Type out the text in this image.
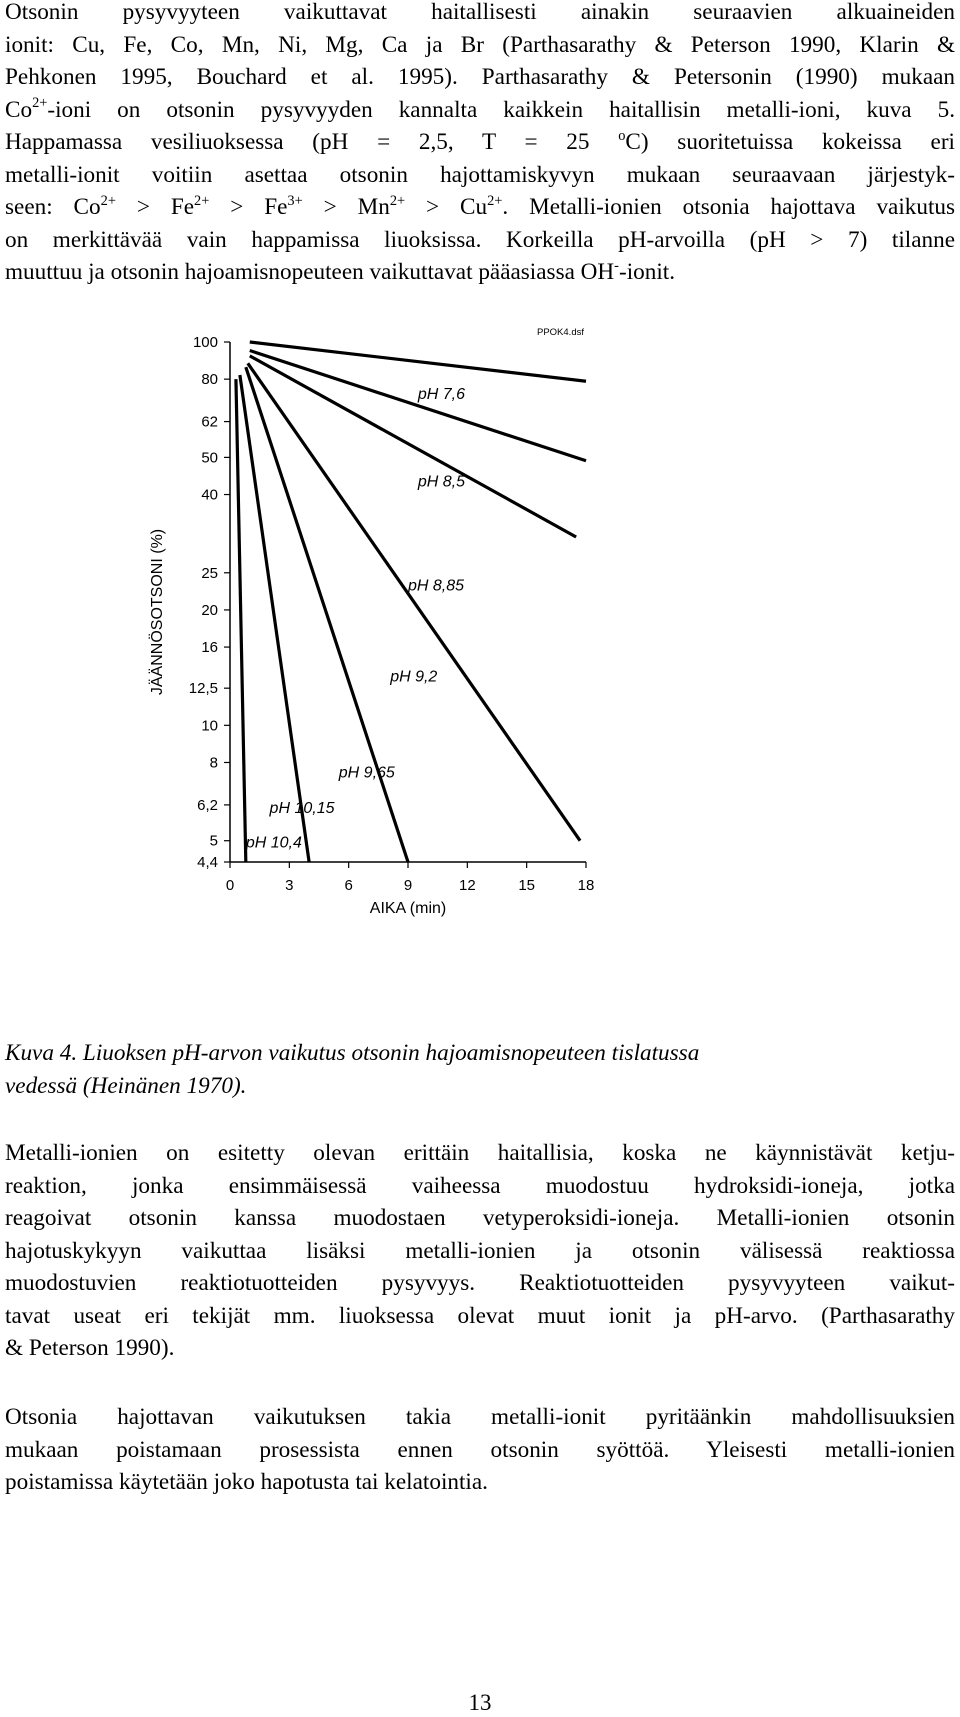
Otsonin pysyvyyteen vaikuttavat haitallisesti ainakin seuraavien alkuaineiden
ionit: Cu, Fe, Co, Mn, Ni, Mg, Ca ja Br (Parthasarathy & Peterson 1990, Klarin &
Pehkonen 1995, Bouchard et al. 1995). Parthasarathy & Petersonin (1990) mukaan
$Co^{2+}$-ioni on otsonin pysyvyyden kannalta kaikkein haitallisin metalli-ioni, kuva 5.
Happamassa vesiliuoksessa (pH = 2,5, T = 25 $^o$C) suoritetuissa kokeissa eri
metalli-ionit voitiin asettaa otsonin hajottamiskyvyn mukaan seuraavaan järjestyk-
seen: $Co^{2+} > Fe^{2+} > Fe^{3+} > Mn^{2+} > Cu^{2+}$. Metalli-ionien otsonia hajottava vaikutus
on merkittävää vain happamissa liuoksissa. Korkeilla pH-arvoilla (pH > 7) tilanne
muuttuu ja otsonin hajoamisnopeuteen vaikuttavat pääasiassa OH--ionit.
100
80
62
50
40
25
20
16
12,5
10
8
6,2
5
4,4
0	3	6	9	12	15	18
AIKA (min)
JÄÄNNÖSOTSONI (%)
PPOK4.dsf
pH 7,6
pH 8,5
pH 8,85
pH 9,2
pH 9,65
pH 10,15
pH 10,4
Kuva 4. Liuoksen pH-arvon vaikutus otsonin hajoamisnopeuteen tislatussa
vedessä (Heinänen 1970).
Metalli-ionien on esitetty olevan erittäin haitallisia, koska ne käynnistävät ketju-
reaktion, jonka ensimmäisessä vaiheessa muodostuu hydroksidi-ioneja, jotka
reagoivat otsonin kanssa muodostaen vetyperoksidi-ioneja. Metalli-ionien otsonin
hajotuskykyyn vaikuttaa lisäksi metalli-ionien ja otsonin välisessä reaktiossa
muodostuvien reaktiotuotteiden pysyvyys. Reaktiotuotteiden pysyvyyteen vaikut-
tavat useat eri tekijät mm. liuoksessa olevat muut ionit ja pH-arvo. (Parthasarathy
& Peterson 1990).
Otsonia hajottavan vaikutuksen takia metalli-ionit pyritäänkin mahdollisuuksien
mukaan poistamaan prosessista ennen otsonin syöttöä. Yleisesti metalli-ionien
poistamissa käytetään joko hapotusta tai kelatointia.
13
